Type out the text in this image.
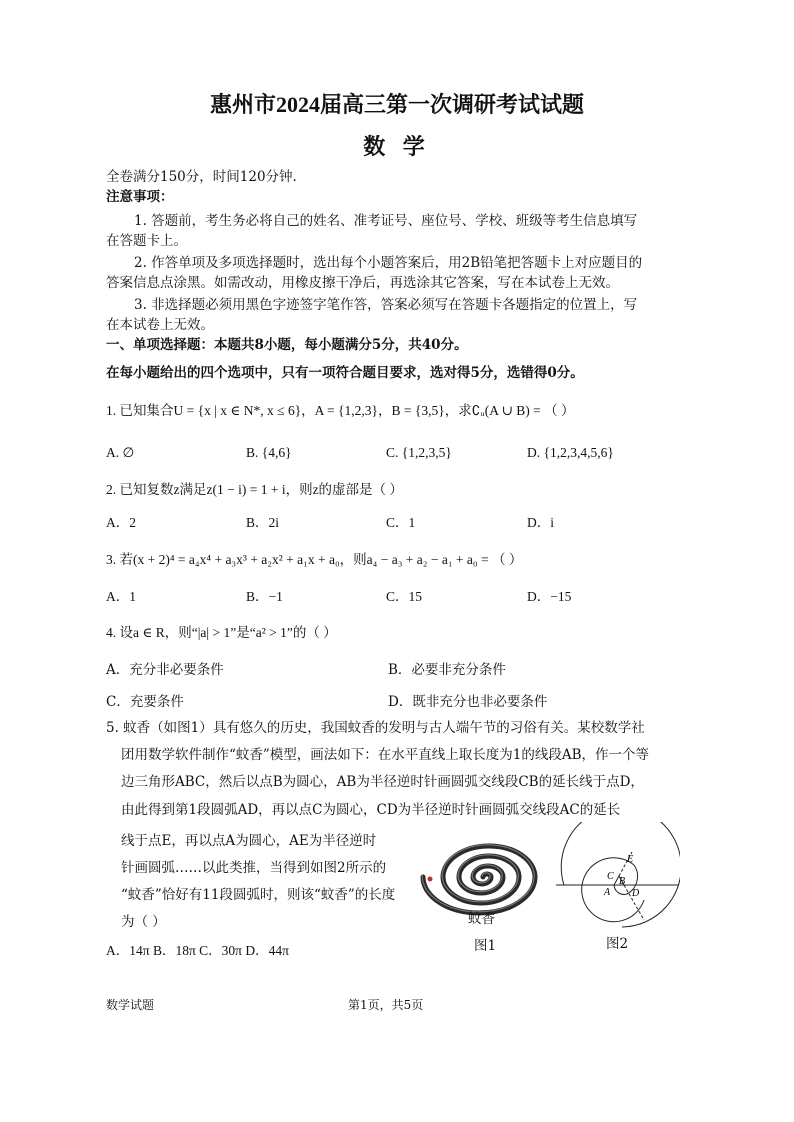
惠州市2024届高三第一次调研考试试题
数 学
全卷满分150分，时间120分钟.
注意事项：
1. 答题前，考生务必将自己的姓名、准考证号、座位号、学校、班级等考生信息填写
在答题卡上。
2. 作答单项及多项选择题时，选出每个小题答案后，用2B铅笔把答题卡上对应题目的
答案信息点涂黑。如需改动，用橡皮擦干净后，再选涂其它答案，写在本试卷上无效。
3. 非选择题必须用黑色字迹签字笔作答，答案必须写在答题卡各题指定的位置上，写
在本试卷上无效。
一、单项选择题：本题共8小题，每小题满分5分，共40分。
在每小题给出的四个选项中，只有一项符合题目要求，选对得5分，选错得0分。
1. 已知集合U = {x | x ∈ N*, x ≤ 6}，A = {1,2,3}，B = {3,5}，求∁ᵤ(A ∪ B) = （ ）
A. ∅	B. {4,6}	C. {1,2,3,5}	D. {1,2,3,4,5,6}
2. 已知复数z满足z(1 − i) = 1 + i，则z的虚部是（ ）
A．2	B．2i	C．1	D．i
3. 若(x + 2)⁴ = a₄x⁴ + a₃x³ + a₂x² + a₁x + a₀，则a₄ − a₃ + a₂ − a₁ + a₀ = （ ）
A．1	B．−1	C．15	D．−15
4. 设a ∈ R，则“|a| > 1”是“a² > 1”的（ ）
A．充分非必要条件	B．必要非充分条件
C．充要条件	D．既非充分也非必要条件
5. 蚊香（如图1）具有悠久的历史，我国蚊香的发明与古人端午节的习俗有关。某校数学社
团用数学软件制作“蚊香”模型，画法如下：在水平直线上取长度为1的线段AB，作一个等
边三角形ABC，然后以点B为圆心，AB为半径逆时针画圆弧交线段CB的延长线于点D，
由此得到第1段圆弧AD，再以点C为圆心，CD为半径逆时针画圆弧交线段AC的延长
线于点E，再以点A为圆心，AE为半径逆时
针画圆弧……以此类推，当得到如图2所示的
“蚊香”恰好有11段圆弧时，则该“蚊香”的长度
为（ ）
A．14π B．18π C．30π D．44π
蚊香
图1
E
C B
A D
图2
数学试题	第1页，共5页
